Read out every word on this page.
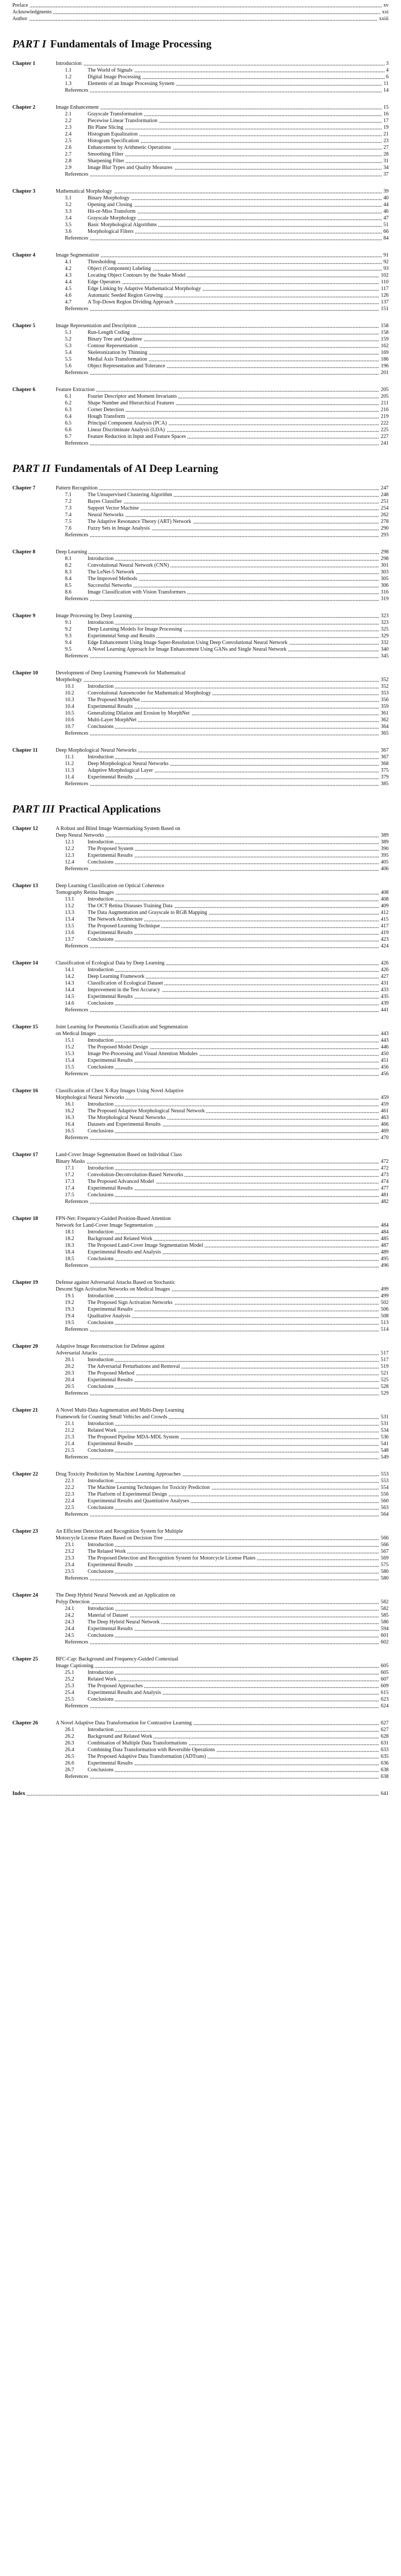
Preface	xv
Acknowledgments	xxi
Author	xxiii
PART I Fundamentals of Image Processing
Chapter 1	Introduction	3
1.1	The World of Signals	4
1.2	Digital Image Processing	6
1.3	Elements of an Image Processing System	11
References	14
Chapter 2	Image Enhancement	15
2.1	Grayscale Transformation	16
2.2	Piecewise Linear Transformation	17
2.3	Bit Plane Slicing	19
2.4	Histogram Equalization	21
2.5	Histogram Specification	23
2.6	Enhancement by Arithmetic Operations	27
2.7	Smoothing Filter	28
2.8	Sharpening Filter	31
2.9	Image Blur Types and Quality Measures	34
References	37
Chapter 3	Mathematical Morphology	39
3.1	Binary Morphology	40
3.2	Opening and Closing	44
3.3	Hit-or-Miss Transform	46
3.4	Grayscale Morphology	47
3.5	Basic Morphological Algorithms	51
3.6	Morphological Filters	66
References	84
Chapter 4	Image Segmentation	91
4.1	Thresholding	92
4.2	Object (Component) Labeling	93
4.3	Locating Object Contours by the Snake Model	102
4.4	Edge Operators	110
4.5	Edge Linking by Adaptive Mathematical Morphology	117
4.6	Automatic Seeded Region Growing	126
4.7	A Top-Down Region Dividing Approach	137
References	151
Chapter 5	Image Representation and Description	158
5.1	Run-Length Coding	158
5.2	Binary Tree and Quadtree	159
5.3	Contour Representation	162
5.4	Skeletonization by Thinning	169
5.5	Medial Axis Transformation	186
5.6	Object Representation and Tolerance	196
References	201
Chapter 6	Feature Extraction	205
6.1	Fourier Descriptor and Moment Invariants	205
6.2	Shape Number and Hierarchical Features	211
6.3	Corner Detection	216
6.4	Hough Transform	219
6.5	Principal Component Analysis (PCA)	222
6.6	Linear Discriminate Analysis (LDA)	225
6.7	Feature Reduction in Input and Feature Spaces	227
References	241
PART II Fundamentals of AI Deep Learning
Chapter 7	Pattern Recognition	247
7.1	The Unsupervised Clustering Algorithm	248
7.2	Bayes Classifier	251
7.3	Support Vector Machine	254
7.4	Neural Networks	262
7.5	The Adaptive Resonance Theory (ART) Network	278
7.6	Fuzzy Sets in Image Analysis	290
References	293
Chapter 8	Deep Learning	298
8.1	Introduction	298
8.2	Convolutional Neural Network (CNN)	301
8.3	The LeNet-5 Network	303
8.4	The Improved Methods	305
8.5	Successful Networks	306
8.6	Image Classification with Vision Transformers	316
References	319
Chapter 9	Image Processing by Deep Learning	323
9.1	Introduction	323
9.2	Deep Learning Models for Image Processing	325
9.3	Experimental Setup and Results	329
9.4	Edge Enhancement Using Image Super-Resolution Using Deep Convolutional Neural Network	332
9.5	A Novel Learning Approach for Image Enhancement Using GANs and Single Neural Network	340
References	345
Chapter 10	Development of Deep Learning Framework for Mathematical
Morphology	352
10.1	Introduction	352
10.2	Convolutional Autoencoder for Mathematical Morphology	353
10.3	The Proposed MorphNet	356
10.4	Experimental Results	359
10.5	Generalizing Dilation and Erosion by MorphNet	361
10.6	Multi-Layer MorphNet	362
10.7	Conclusions	364
References	365
Chapter 11	Deep Morphological Neural Networks	367
11.1	Introduction	367
11.2	Deep Morphological Neural Networks	368
11.3	Adaptive Morphological Layer	375
11.4	Experimental Results	379
References	385
PART III Practical Applications
Chapter 12	A Robust and Blind Image Watermarking System Based on
Deep Neural Networks	389
12.1	Introduction	389
12.2	The Proposed System	390
12.3	Experimental Results	395
12.4	Conclusions	405
References	406
Chapter 13	Deep Learning Classification on Optical Coherence
Tomography Retina Images	408
13.1	Introduction	408
13.2	The OCT Retina Diseases Training Data	409
13.3	The Data Augmentation and Grayscale to RGB Mapping	412
13.4	The Network Architecture	415
13.5	The Proposed Learning Technique	417
13.6	Experimental Results	419
13.7	Conclusions	423
References	424
Chapter 14	Classification of Ecological Data by Deep Learning	426
14.1	Introduction	426
14.2	Deep Learning Framework	427
14.3	Classification of Ecological Dataset	431
14.4	Improvement in the Test Accuracy	433
14.5	Experimental Results	435
14.6	Conclusions	439
References	441
Chapter 15	Joint Learning for Pneumonia Classification and Segmentation
on Medical Images	443
15.1	Introduction	443
15.2	The Proposed Model Design	446
15.3	Image Pre-Processing and Visual Attention Modules	450
15.4	Experimental Results	451
15.5	Conclusions	456
References	456
Chapter 16	Classification of Chest X-Ray Images Using Novel Adaptive
Morphological Neural Networks	459
16.1	Introduction	459
16.2	The Proposed Adaptive Morphological Neural Network	461
16.3	The Morphological Neural Networks	463
16.4	Datasets and Experimental Results	466
16.5	Conclusions	469
References	470
Chapter 17	Land-Cover Image Segmentation Based on Individual Class
Binary Masks	472
17.1	Introduction	472
17.2	Convolution-Deconvolution-Based Networks	473
17.3	The Proposed Advanced Model	474
17.4	Experimental Results	477
17.5	Conclusions	481
References	482
Chapter 18	FPN-Net: Frequency-Guided Position-Based Attention
Network for Land-Cover Image Segmentation	484
18.1	Introduction	484
18.2	Background and Related Work	485
18.3	The Proposed Land-Cover Image Segmentation Model	487
18.4	Experimental Results and Analysis	489
18.5	Conclusions	495
References	496
Chapter 19	Defense against Adversarial Attacks Based on Stochastic
Descent Sign Activation Networks on Medical Images	499
19.1	Introduction	499
19.2	The Proposed Sign Activation Networks	502
19.3	Experimental Results	506
19.4	Qualitative Analysis	508
19.5	Conclusions	513
References	514
Chapter 20	Adaptive Image Reconstruction for Defense against
Adversarial Attacks	517
20.1	Introduction	517
20.2	The Adversarial Perturbations and Removal	519
20.3	The Proposed Method	521
20.4	Experimental Results	525
20.5	Conclusions	528
References	529
Chapter 21	A Novel Multi-Data Augmentation and Multi-Deep Learning
Framework for Counting Small Vehicles and Crowds	531
21.1	Introduction	531
21.2	Related Work	534
21.3	The Proposed Pipeline MDA-MDL System	536
21.4	Experimental Results	541
21.5	Conclusions	548
References	549
Chapter 22	Drug Toxicity Prediction by Machine Learning Approaches	553
22.1	Introduction	553
22.2	The Machine Learning Techniques for Toxicity Prediction	554
22.3	The Platform of Experimental Design	556
22.4	Experimental Results and Quantitative Analyses	560
22.5	Conclusions	563
References	564
Chapter 23	An Efficient Detection and Recognition System for Multiple
Motorcycle License Plates Based on Decision Tree	566
23.1	Introduction	566
23.2	The Related Work	567
23.3	The Proposed Detection and Recognition System for Motorcycle License Plates	569
23.4	Experimental Results	575
23.5	Conclusions	580
References	580
Chapter 24	The Deep Hybrid Neural Network and an Application on
Polyp Detection	582
24.1	Introduction	582
24.2	Material of Dataset	585
24.3	The Deep Hybrid Neural Network	586
24.4	Experimental Results	594
24.5	Conclusions	601
References	602
Chapter 25	BFC-Cap: Background and Frequency-Guided Contextual
Image Captioning	605
25.1	Introduction	605
25.2	Related Work	607
25.3	The Proposed Approaches	609
25.4	Experimental Results and Analysis	615
25.5	Conclusions	623
References	624
Chapter 26	A Novel Adaptive Data Transformation for Contrastive Learning	627
26.1	Introduction	627
26.2	Background and Related Work	628
26.3	Combination of Multiple Data Transformations	631
26.4	Combining Data Transformation with Reversible Operations	633
26.5	The Proposed Adaptive Data Transformation (ADTrans)	635
26.6	Experimental Results	636
26.7	Conclusions	638
References	638
Index	641
